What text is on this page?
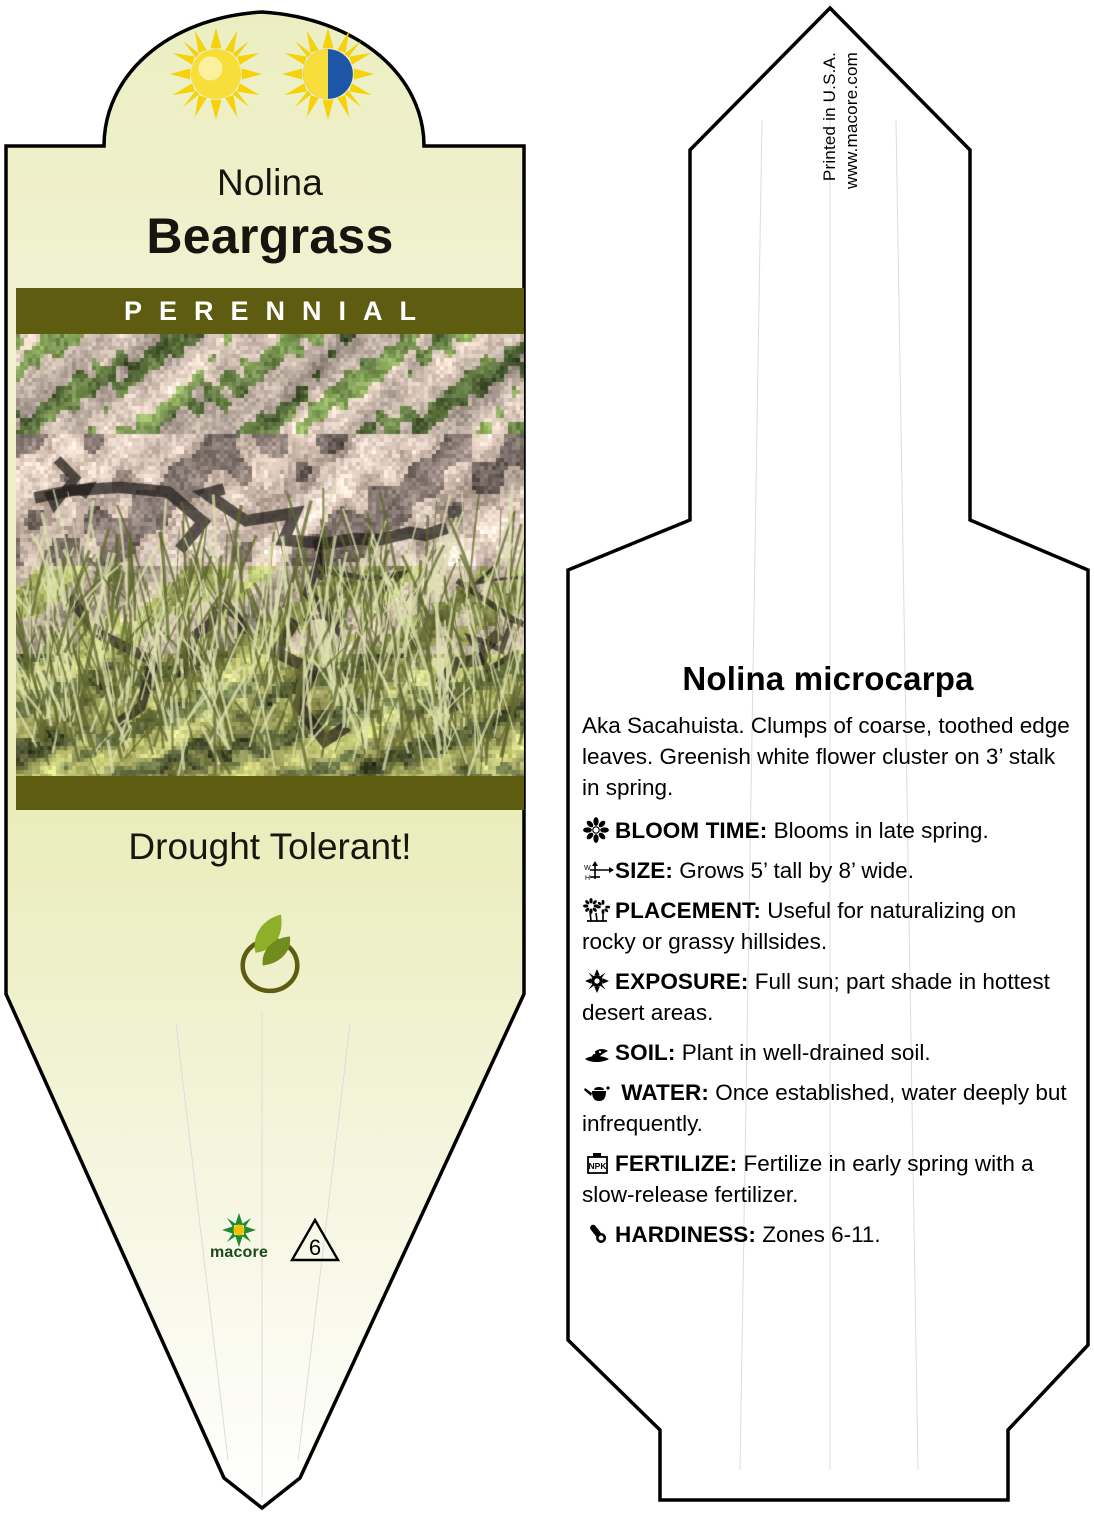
Nolina
Beargrass
PERENNIAL
Drought Tolerant!
macore	6
Printed in U.S.A. www.macore.com
Nolina microcarpa
Aka Sacahuista. Clumps of coarse, toothed edge leaves. Greenish white flower cluster on 3’ stalk in spring.
BLOOM TIME: Blooms in late spring.
W
H SIZE: Grows 5’ tall by 8’ wide.
PLACEMENT: Useful for naturalizing on rocky or grassy hillsides.
EXPOSURE: Full sun; part shade in hottest desert areas.
SOIL: Plant in well-drained soil.
WATER: Once established, water deeply but infrequently.
NPK FERTILIZE: Fertilize in early spring with a slow-release fertilizer.
HARDINESS: Zones 6-11.
